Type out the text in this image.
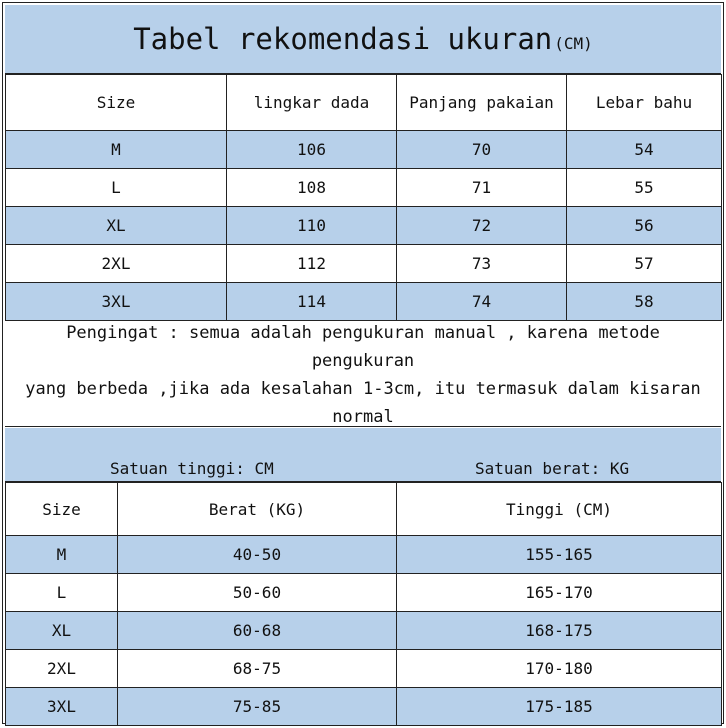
Tabel rekomendasi ukuran (CM)
Size	lingkar dada	Panjang pakaian	Lebar bahu
M	106	70	54
L	108	71	55
XL	110	72	56
2XL	112	73	57
3XL	114	74	58
Pengingat : semua adalah pengukuran manual , karena metode pengukuran
yang berbeda ,jika ada kesalahan 1-3cm, itu termasuk dalam kisaran
normal
Satuan tinggi: CM	Satuan berat: KG
Size	Berat (KG)	Tinggi (CM)
M	40-50	155-165
L	50-60	165-170
XL	60-68	168-175
2XL	68-75	170-180
3XL	75-85	175-185
